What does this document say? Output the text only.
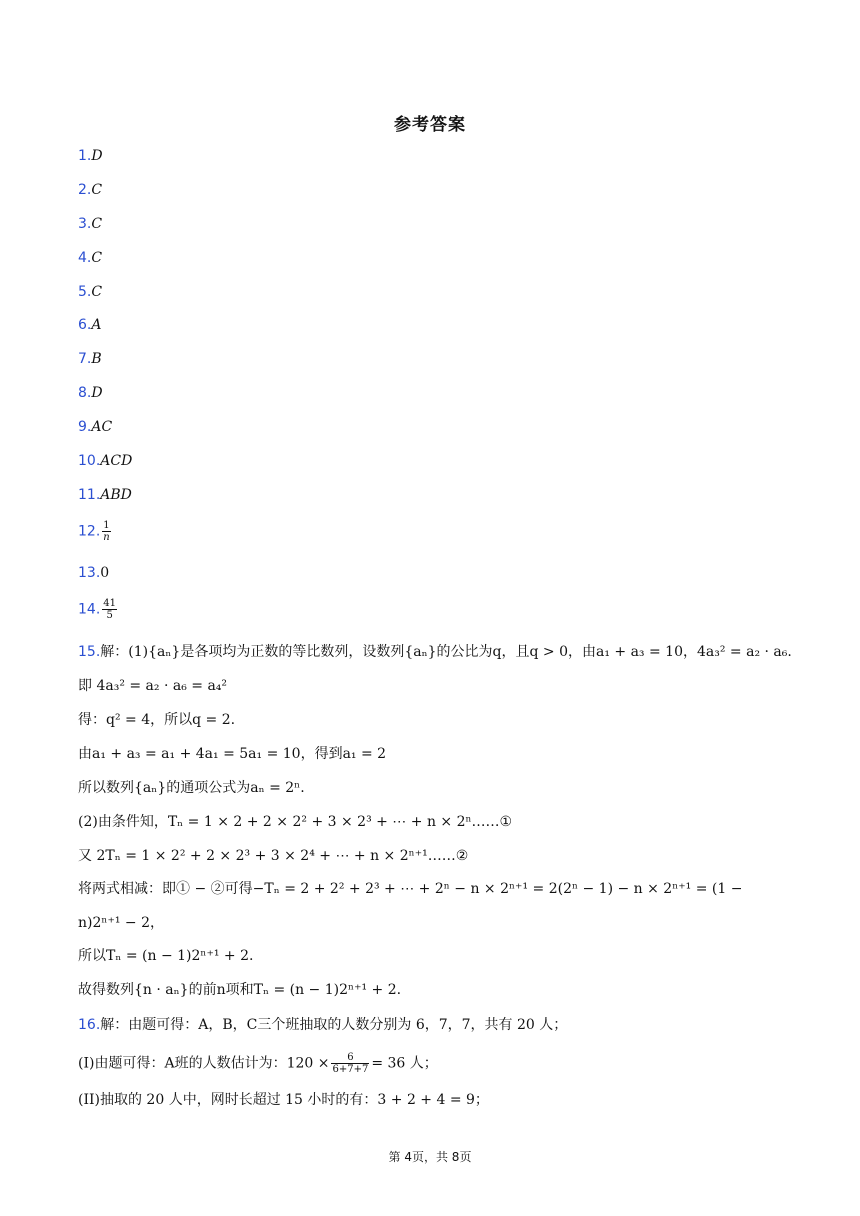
参考答案
1.D
2.C
3.C
4.C
5.C
6.A
7.B
8.D
9.AC
10.ACD
11.ABD
12. $\frac{1}{n}$
13.0
14. $\frac{41}{5}$
15.解：(1){aₙ}是各项均为正数的等比数列，设数列{aₙ}的公比为q，且q > 0，由a₁ + a₃ = 10，4a₃² = a₂ · a₆.
即 4a₃² = a₂ · a₆ = a₄²
得：q² = 4，所以q = 2.
由a₁ + a₃ = a₁ + 4a₁ = 5a₁ = 10，得到a₁ = 2
所以数列{aₙ}的通项公式为aₙ = 2ⁿ.
(2)由条件知，Tₙ = 1 × 2 + 2 × 2² + 3 × 2³ + ⋯ + n × 2ⁿ……①
又 2Tₙ = 1 × 2² + 2 × 2³ + 3 × 2⁴ + ⋯ + n × 2ⁿ⁺¹……②
将两式相减：即① − ②可得−Tₙ = 2 + 2² + 2³ + ⋯ + 2ⁿ − n × 2ⁿ⁺¹ = 2(2ⁿ − 1) − n × 2ⁿ⁺¹ = (1 −
n)2ⁿ⁺¹ − 2，
所以Tₙ = (n − 1)2ⁿ⁺¹ + 2.
故得数列{n · aₙ}的前n项和Tₙ = (n − 1)2ⁿ⁺¹ + 2.
16.解：由题可得：A，B，C三个班抽取的人数分别为 6，7，7，共有 20 人；
(I)由题可得：A班的人数估计为：$120 \times \frac{6}{6+7+7} = 36$ 人；
(II)抽取的 20 人中，网时长超过 15 小时的有：3 + 2 + 4 = 9；
第 4页，共 8页
